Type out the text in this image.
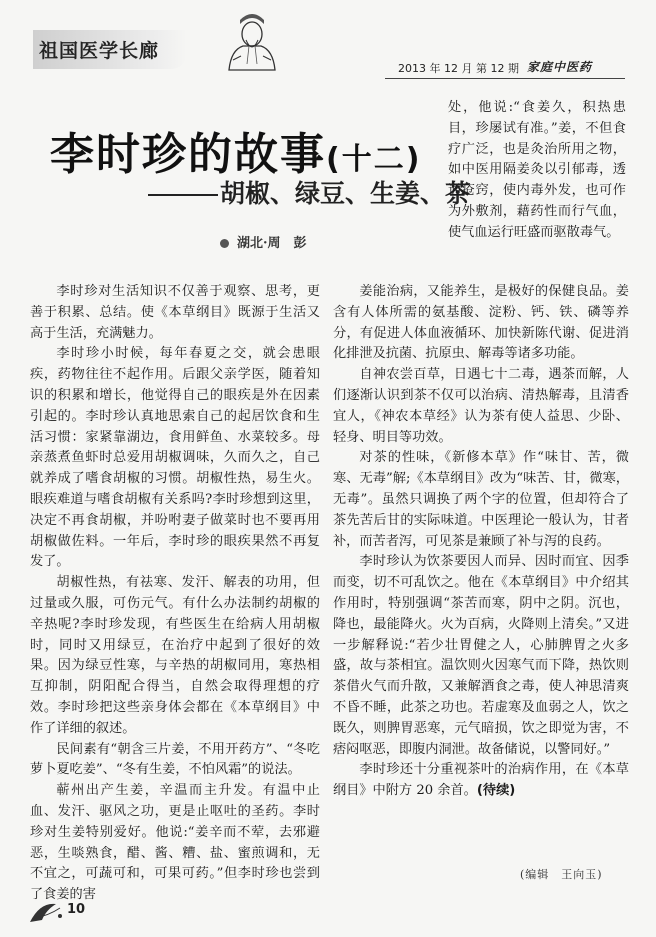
祖国医学长廊
2013 年 12 月 第 12 期 家庭中医药
李时珍的故事(十二)
胡椒、绿豆、生姜、茶
湖北·周　彭

处，他说:“食姜久，积热患目，珍屡试有准。”姜，不但食疗广泛，也是灸治所用之物，如中医用隔姜灸以引郁毒，透通疮窍，使内毒外发，也可作为外敷剂，藉药性而行气血，使气血运行旺盛而驱散毒气。

李时珍对生活知识不仅善于观察、思考，更善于积累、总结。使《本草纲目》既源于生活又高于生活，充满魅力。

李时珍小时候，每年春夏之交，就会患眼疾，药物往往不起作用。后跟父亲学医，随着知识的积累和增长，他觉得自己的眼疾是外在因素引起的。李时珍认真地思索自己的起居饮食和生活习惯：家紧靠湖边，食用鲜鱼、水菜较多。母亲蒸煮鱼虾时总爱用胡椒调味，久而久之，自己就养成了嗜食胡椒的习惯。胡椒性热，易生火。眼疾难道与嗜食胡椒有关系吗?李时珍想到这里，决定不再食胡椒，并吩咐妻子做菜时也不要再用胡椒做佐料。一年后，李时珍的眼疾果然不再复发了。

胡椒性热，有祛寒、发汗、解表的功用，但过量或久服，可伤元气。有什么办法制约胡椒的辛热呢?李时珍发现，有些医生在给病人用胡椒时，同时又用绿豆，在治疗中起到了很好的效果。因为绿豆性寒，与辛热的胡椒同用，寒热相互抑制，阴阳配合得当，自然会取得理想的疗效。李时珍把这些亲身体会都在《本草纲目》中作了详细的叙述。

民间素有“朝含三片姜，不用开药方”、“冬吃萝卜夏吃姜”、“冬有生姜，不怕风霜”的说法。

蕲州出产生姜，辛温而主升发。有温中止血、发汗、驱风之功，更是止呕吐的圣药。李时珍对生姜特别爱好。他说:“姜辛而不荤，去邪避恶，生啖熟食，醋、酱、糟、盐、蜜煎调和，无不宜之，可蔬可和，可果可药。”但李时珍也尝到了食姜的害

姜能治病，又能养生，是极好的保健良品。姜含有人体所需的氨基酸、淀粉、钙、铁、磷等养分，有促进人体血液循环、加快新陈代谢、促进消化排泄及抗菌、抗原虫、解毒等诸多功能。

自神农尝百草，日遇七十二毒，遇茶而解，人们逐渐认识到茶不仅可以治病、清热解毒，且清香宜人，《神农本草经》认为茶有使人益思、少卧、轻身、明目等功效。

对茶的性味，《新修本草》作“味甘、苦，微寒、无毒”解;《本草纲目》改为“味苦、甘，微寒，无毒”。虽然只调换了两个字的位置，但却符合了茶先苦后甘的实际味道。中医理论一般认为，甘者补，而苦者泻，可见茶是兼顾了补与泻的良药。

李时珍认为饮茶要因人而异、因时而宜、因季而变，切不可乱饮之。他在《本草纲目》中介绍其作用时，特别强调“茶苦而寒，阴中之阴。沉也，降也，最能降火。火为百病，火降则上清矣。”又进一步解释说:“若少壮胃健之人，心肺脾胃之火多盛，故与茶相宜。温饮则火因寒气而下降，热饮则茶借火气而升散，又兼解酒食之毒，使人神思清爽不昏不睡，此茶之功也。若虚寒及血弱之人，饮之既久，则脾胃恶寒，元气暗损，饮之即觉为害，不痞闷呕恶，即腹内洞泄。故备储说，以警同好。”

李时珍还十分重视茶叶的治病作用，在《本草纲目》中附方 20 余首。(待续)

(编辑　王向玉)
10
